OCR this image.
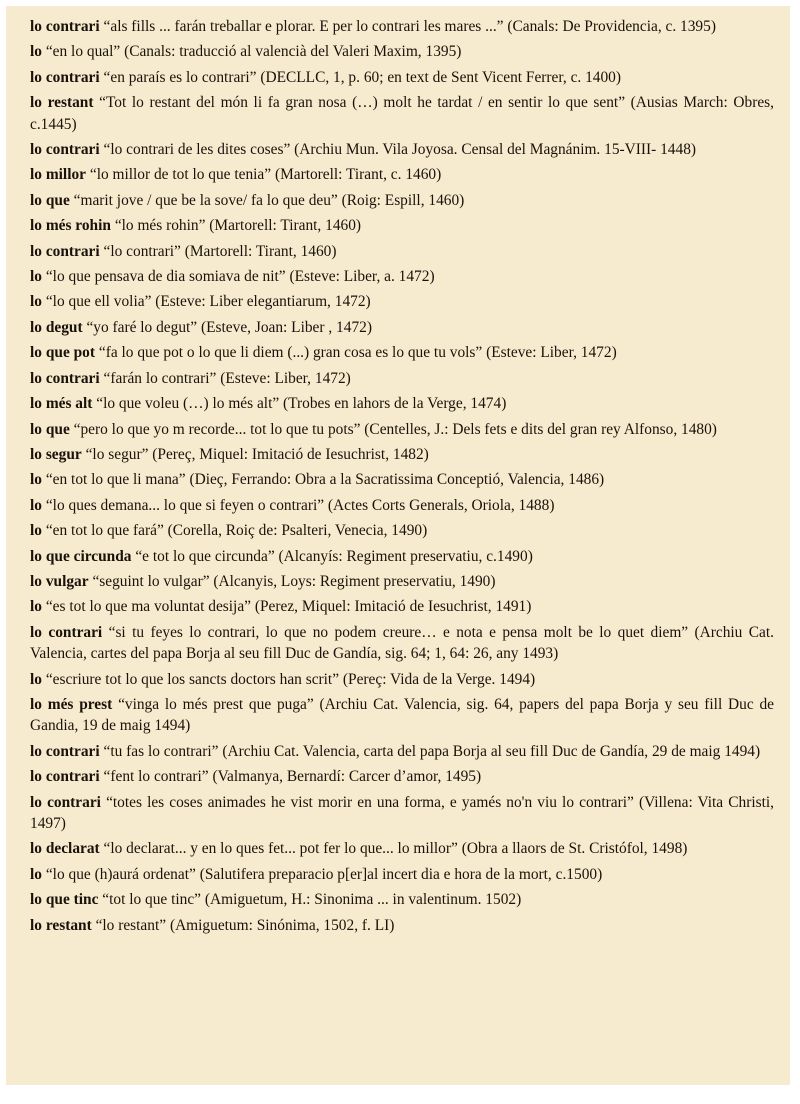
lo contrari “als fills ... farán treballar e plorar. E per lo contrari les mares ...” (Canals: De Providencia, c. 1395)
lo “en lo qual” (Canals: traducció al valencià del Valeri Maxim, 1395)
lo contrari “en paraís es lo contrari” (DECLLC, 1, p. 60; en text de Sent Vicent Ferrer, c. 1400)
lo restant “Tot lo restant del món li fa gran nosa (…) molt he tardat / en sentir lo que sent” (Ausias March: Obres, c.1445)
lo contrari “lo contrari de les dites coses” (Archiu Mun. Vila Joyosa. Censal del Magnánim. 15-VIII- 1448)
lo millor “lo millor de tot lo que tenia” (Martorell: Tirant, c. 1460)
lo que “marit jove / que be la sove/ fa lo que deu” (Roig: Espill, 1460)
lo més rohin “lo més rohin” (Martorell: Tirant, 1460)
lo contrari “lo contrari” (Martorell: Tirant, 1460)
lo “lo que pensava de dia somiava de nit” (Esteve: Liber, a. 1472)
lo “lo que ell volia” (Esteve: Liber elegantiarum, 1472)
lo degut “yo faré lo degut” (Esteve, Joan: Liber , 1472)
lo que pot “fa lo que pot o lo que li diem (...) gran cosa es lo que tu vols” (Esteve: Liber, 1472)
lo contrari “farán lo contrari” (Esteve: Liber, 1472)
lo més alt “lo que voleu (…) lo més alt” (Trobes en lahors de la Verge, 1474)
lo que “pero lo que yo m recorde... tot lo que tu pots” (Centelles, J.: Dels fets e dits del gran rey Alfonso, 1480)
lo segur “lo segur” (Pereç, Miquel: Imitació de Iesuchrist, 1482)
lo “en tot lo que li mana” (Dieç, Ferrando: Obra a la Sacratissima Conceptió, Valencia, 1486)
lo “lo ques demana... lo que si feyen o contrari” (Actes Corts Generals, Oriola, 1488)
lo “en tot lo que fará” (Corella, Roiç de: Psalteri, Venecia, 1490)
lo que circunda “e tot lo que circunda” (Alcanyís: Regiment preservatiu, c.1490)
lo vulgar “seguint lo vulgar” (Alcanyis, Loys: Regiment preservatiu, 1490)
lo “es tot lo que ma voluntat desija” (Perez, Miquel: Imitació de Iesuchrist, 1491)
lo contrari “si tu feyes lo contrari, lo que no podem creure… e nota e pensa molt be lo quet diem” (Archiu Cat. Valencia, cartes del papa Borja al seu fill Duc de Gandía, sig. 64; 1, 64: 26, any 1493)
lo “escriure tot lo que los sancts doctors han scrit” (Pereç: Vida de la Verge. 1494)
lo més prest “vinga lo més prest que puga” (Archiu Cat. Valencia, sig. 64, papers del papa Borja y seu fill Duc de Gandia, 19 de maig 1494)
lo contrari “tu fas lo contrari” (Archiu Cat. Valencia, carta del papa Borja al seu fill Duc de Gandía, 29 de maig 1494)
lo contrari “fent lo contrari” (Valmanya, Bernardí: Carcer d’amor, 1495)
lo contrari “totes les coses animades he vist morir en una forma, e yamés no'n viu lo contrari” (Villena: Vita Christi, 1497)
lo declarat “lo declarat... y en lo ques fet... pot fer lo que... lo millor” (Obra a llaors de St. Cristófol, 1498)
lo “lo que (h)aurá ordenat” (Salutifera preparacio p[er]al incert dia e hora de la mort, c.1500)
lo que tinc “tot lo que tinc” (Amiguetum, H.: Sinonima ... in valentinum. 1502)
lo restant “lo restant” (Amiguetum: Sinónima, 1502, f. LI)
